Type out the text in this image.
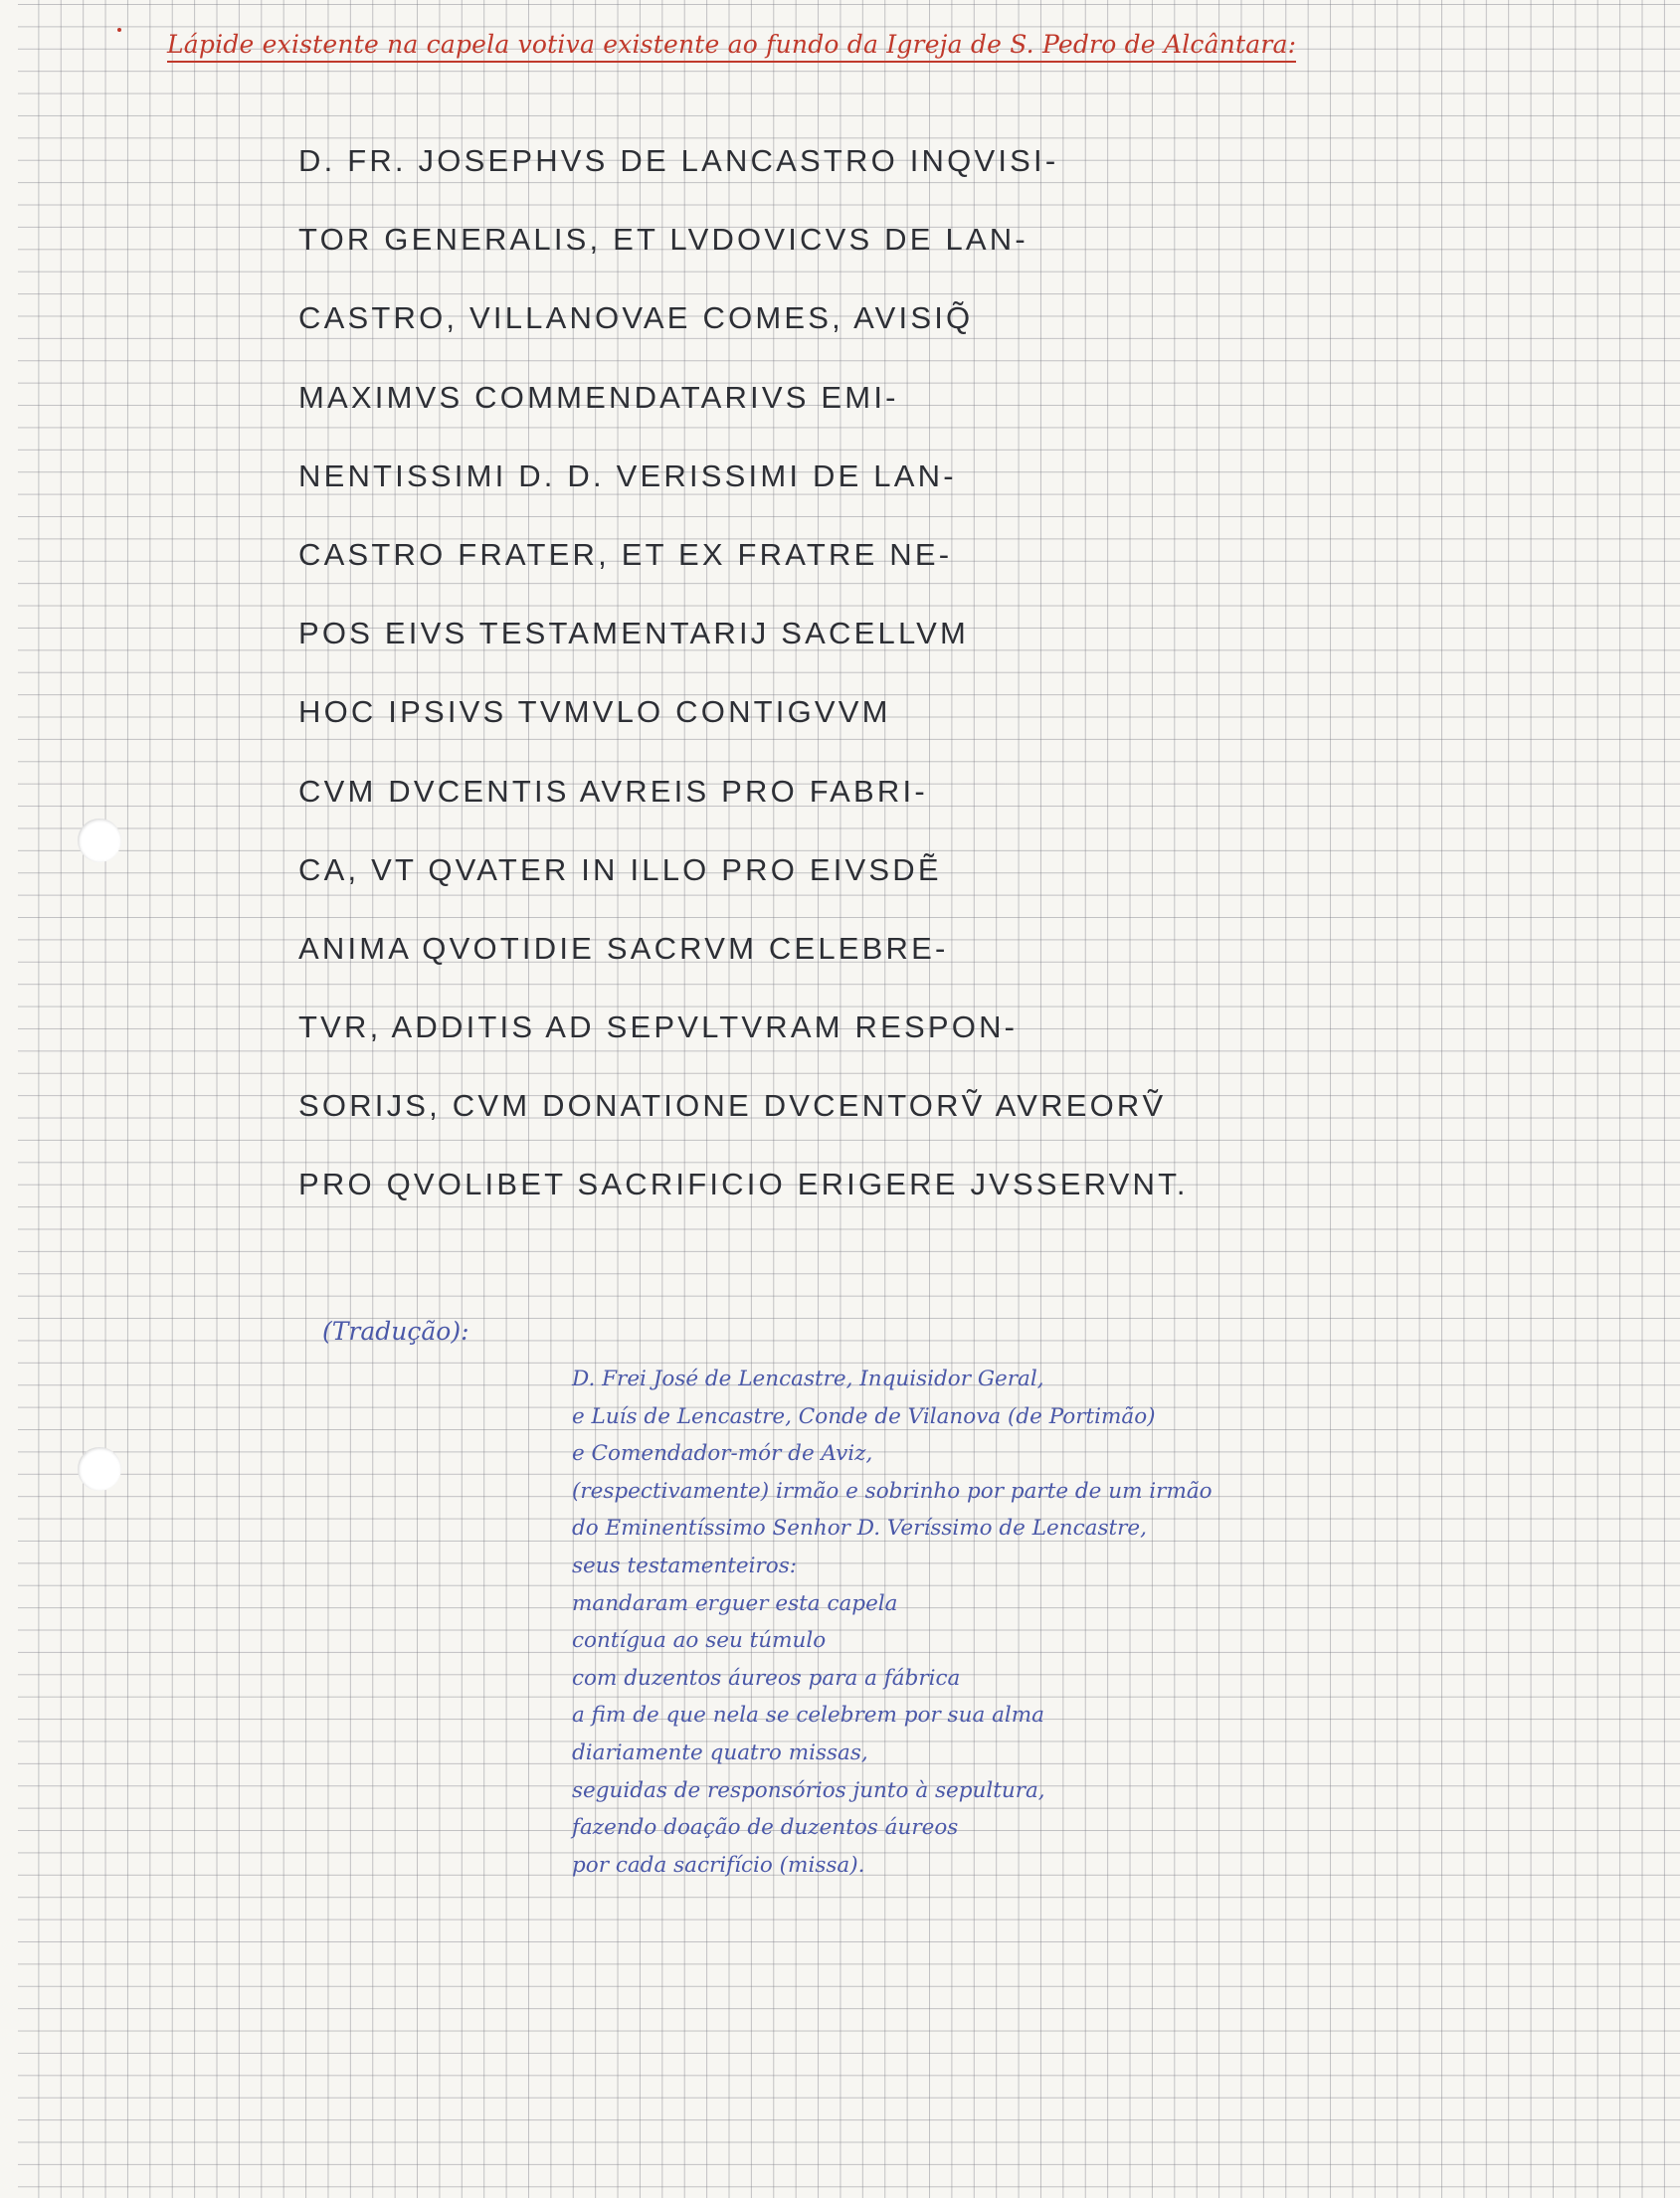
Lápide existente na capela votiva existente ao fundo da Igreja de S. Pedro de Alcântara:
D. FR. JOSEPHVS DE LANCASTRO INQVISI-
TOR GENERALIS, ET LVDOVICVS DE LAN-
CASTRO, VILLANOVAE COMES, AVISIQ̃
MAXIMVS COMMENDATARIVS EMI-
NENTISSIMI D. D. VERISSIMI DE LAN-
CASTRO FRATER, ET EX FRATRE NE-
POS EIVS TESTAMENTARIJ SACELLVM
HOC IPSIVS TVMVLO CONTIGVVM
CVM DVCENTIS AVREIS PRO FABRI-
CA, VT QVATER IN ILLO PRO EIVSDẼ
ANIMA QVOTIDIE SACRVM CELEBRE-
TVR, ADDITIS AD SEPVLTVRAM RESPON-
SORIJS, CVM DONATIONE DVCENTORṼ AVREORṼ
PRO QVOLIBET SACRIFICIO ERIGERE JVSSERVNT.
(Tradução):
D. Frei José de Lencastre, Inquisidor Geral,
e Luís de Lencastre, Conde de Vilanova (de Portimão)
e Comendador-mór de Aviz,
(respectivamente) irmão e sobrinho por parte de um irmão
do Eminentíssimo Senhor D. Veríssimo de Lencastre,
seus testamenteiros:
mandaram erguer esta capela
contígua ao seu túmulo
com duzentos áureos para a fábrica
a fim de que nela se celebrem por sua alma
diariamente quatro missas,
seguidas de responsórios junto à sepultura,
fazendo doação de duzentos áureos
por cada sacrifício (missa).
